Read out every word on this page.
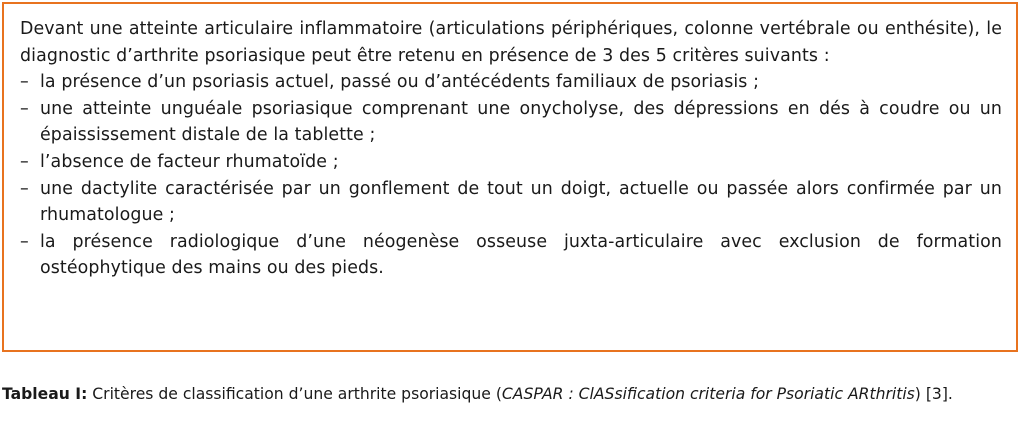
Devant une atteinte articulaire inflammatoire (articulations périphériques, colonne vertébrale ou enthésite), le diagnostic d’arthrite psoriasique peut être retenu en présence de 3 des 5 critères suivants :

– la présence d’un psoriasis actuel, passé ou d’antécédents familiaux de psoriasis ;
– une atteinte unguéale psoriasique comprenant une onycholyse, des dépressions en dés à coudre ou un épaississement distale de la tablette ;
– l’absence de facteur rhumatoïde ;
– une dactylite caractérisée par un gonflement de tout un doigt, actuelle ou passée alors confirmée par un rhumatologue ;
– la présence radiologique d’une néogenèse osseuse juxta-articulaire avec exclusion de formation ostéophytique des mains ou des pieds.

Tableau I: Critères de classification d’une arthrite psoriasique (CASPAR : ClASsification criteria for Psoriatic ARthritis) [3].
